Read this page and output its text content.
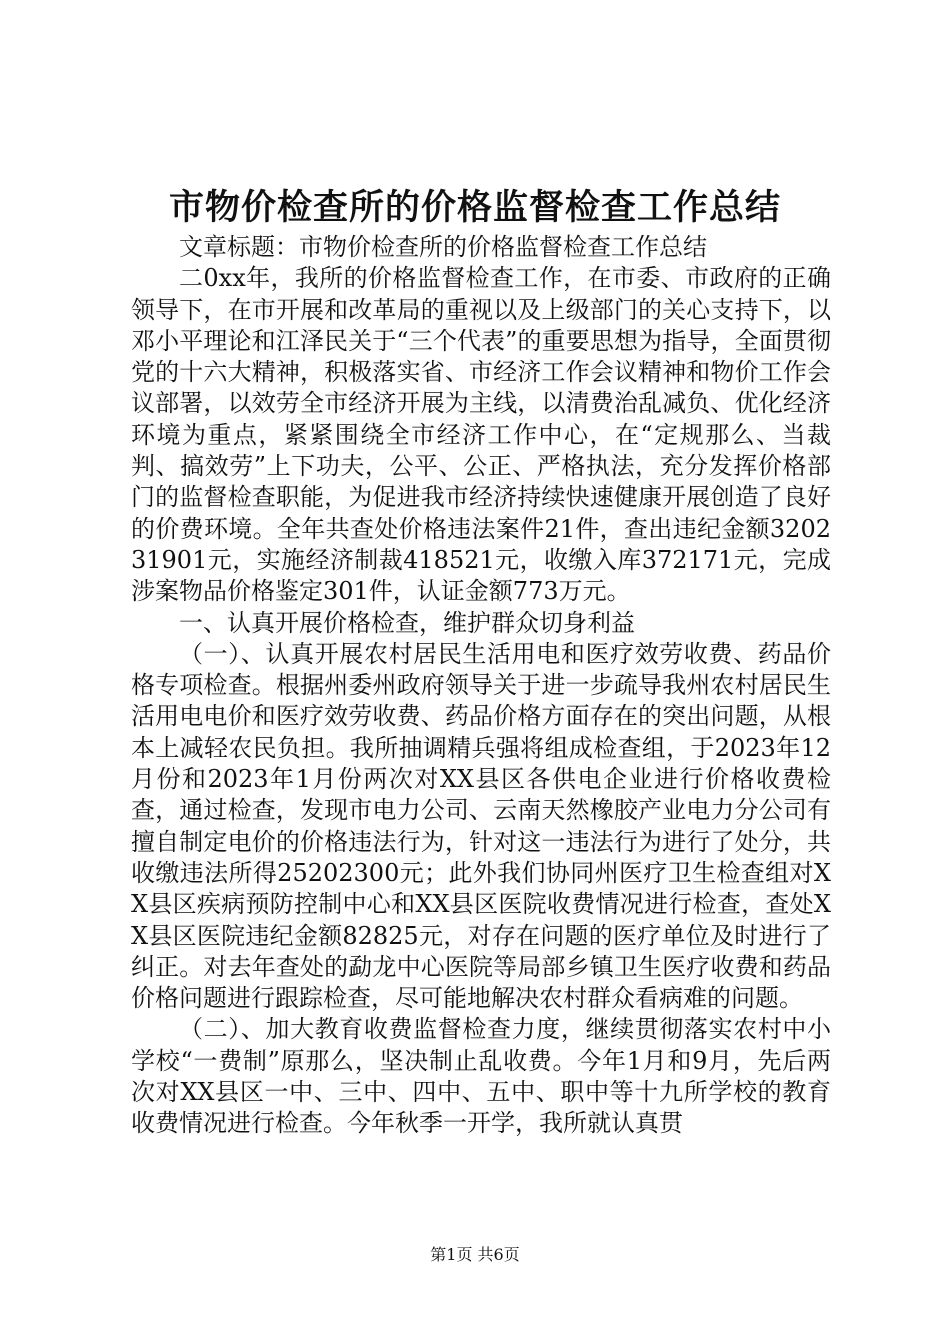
市物价检查所的价格监督检查工作总结

文章标题：市物价检查所的价格监督检查工作总结

二0xx年，我所的价格监督检查工作，在市委、市政府的正确领导下，在市开展和改革局的重视以及上级部门的关心支持下，以邓小平理论和江泽民关于“三个代表”的重要思想为指导，全面贯彻党的十六大精神，积极落实省、市经济工作会议精神和物价工作会议部署，以效劳全市经济开展为主线，以清费治乱减负、优化经济环境为重点，紧紧围绕全市经济工作中心，在“定规那么、当裁判、搞效劳”上下功夫，公平、公正、严格执法，充分发挥价格部门的监督检查职能，为促进我市经济持续快速健康开展创造了良好的价费环境。全年共查处价格违法案件21件，查出违纪金额320231901元，实施经济制裁418521元，收缴入库372171元，完成涉案物品价格鉴定301件，认证金额773万元。

一、认真开展价格检查，维护群众切身利益

（一）、认真开展农村居民生活用电和医疗效劳收费、药品价格专项检查。根据州委州政府领导关于进一步疏导我州农村居民生活用电电价和医疗效劳收费、药品价格方面存在的突出问题，从根本上减轻农民负担。我所抽调精兵强将组成检查组，于2023年12月份和2023年1月份两次对XX县区各供电企业进行价格收费检查，通过检查，发现市电力公司、云南天然橡胶产业电力分公司有擅自制定电价的价格违法行为，针对这一违法行为进行了处分，共收缴违法所得25202300元；此外我们协同州医疗卫生检查组对XX县区疾病预防控制中心和XX县区医院收费情况进行检查，查处XX县区医院违纪金额82825元，对存在问题的医疗单位及时进行了纠正。对去年查处的勐龙中心医院等局部乡镇卫生医疗收费和药品价格问题进行跟踪检查，尽可能地解决农村群众看病难的问题。

（二）、加大教育收费监督检查力度，继续贯彻落实农村中小学校“一费制”原那么，坚决制止乱收费。今年1月和9月，先后两次对XX县区一中、三中、四中、五中、职中等十九所学校的教育收费情况进行检查。今年秋季一开学，我所就认真贯

第1页 共6页
